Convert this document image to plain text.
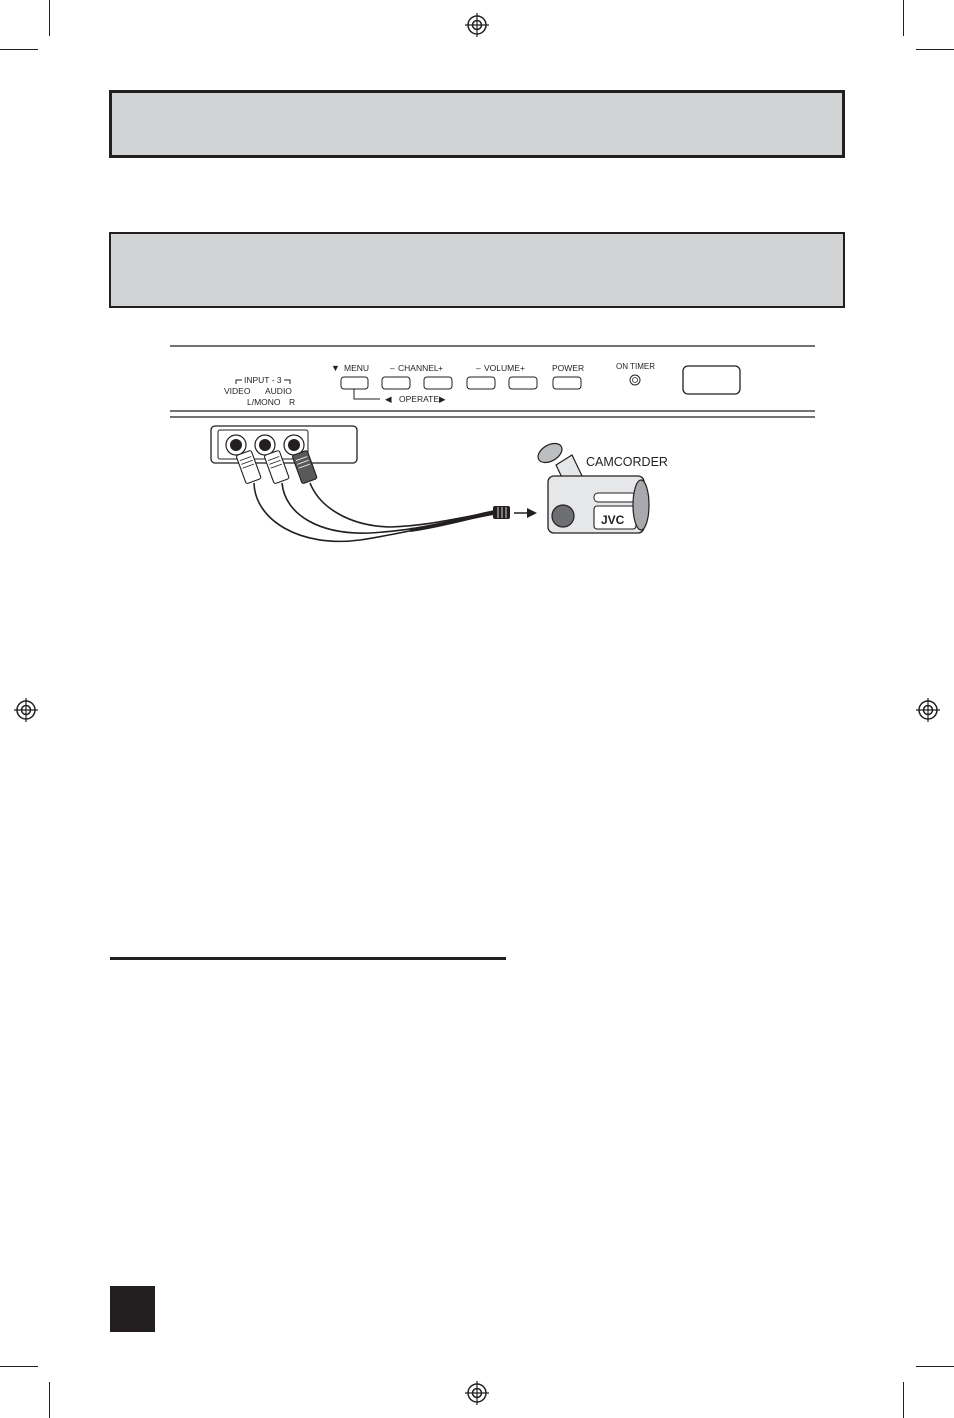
INPUT - 3
VIDEO AUDIO
L/MONO R
▼ MENU
◀ OPERATE ▶
– CHANNEL +	– VOLUME +	POWER	ON TIMER
JVC
CAMCORDER
